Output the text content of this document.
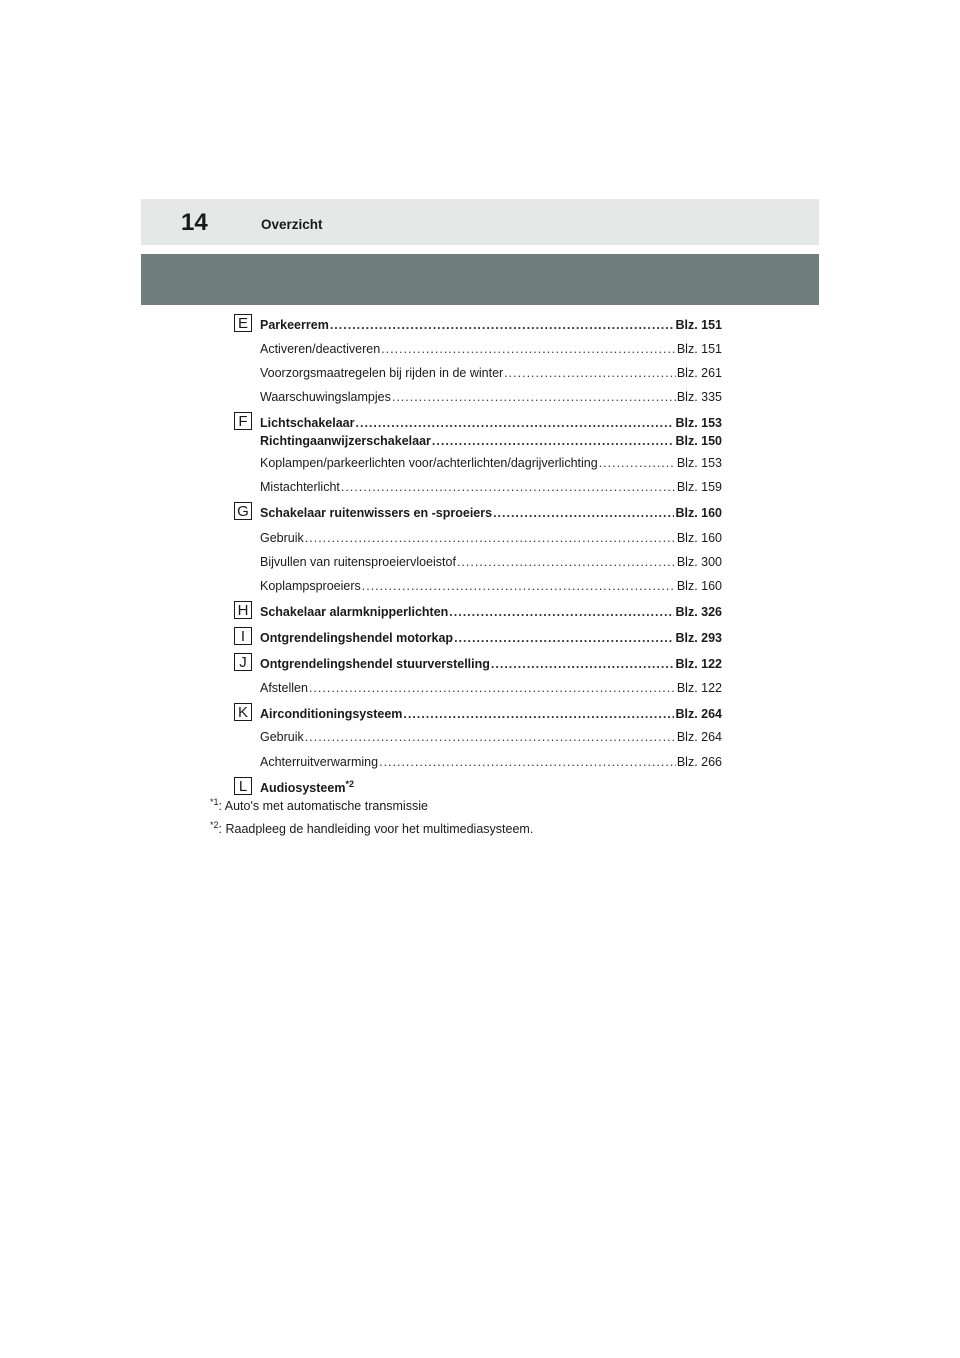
14	Overzicht
E Parkeerrem .....	Blz. 151
Activeren/deactiveren .....	Blz. 151
Voorzorgsmaatregelen bij rijden in de winter .....	Blz. 261
Waarschuwingslampjes .....	Blz. 335
F Lichtschakelaar .....	Blz. 153
Richtingaanwijzerschakelaar .....	Blz. 150
Koplampen/parkeerlichten voor/achterlichten/dagrijverlichting .....	Blz. 153
Mistachterlicht .....	Blz. 159
G Schakelaar ruitenwissers en -sproeiers .....	Blz. 160
Gebruik .....	Blz. 160
Bijvullen van ruitensproeiervloeistof .....	Blz. 300
Koplampsproeiers .....	Blz. 160
H Schakelaar alarmknipperlichten .....	Blz. 326
I	Ontgrendelingshendel motorkap .....	Blz. 293
J	Ontgrendelingshendel stuurverstelling .....	Blz. 122
Afstellen .....	Blz. 122
K Airconditioningsysteem .....	Blz. 264
Gebruik .....	Blz. 264
Achterruitverwarming .....	Blz. 266
L	Audiosysteem$^{*2}$
$^{*1}$: Auto's met automatische transmissie
$^{*2}$: Raadpleeg de handleiding voor het multimediasysteem.
